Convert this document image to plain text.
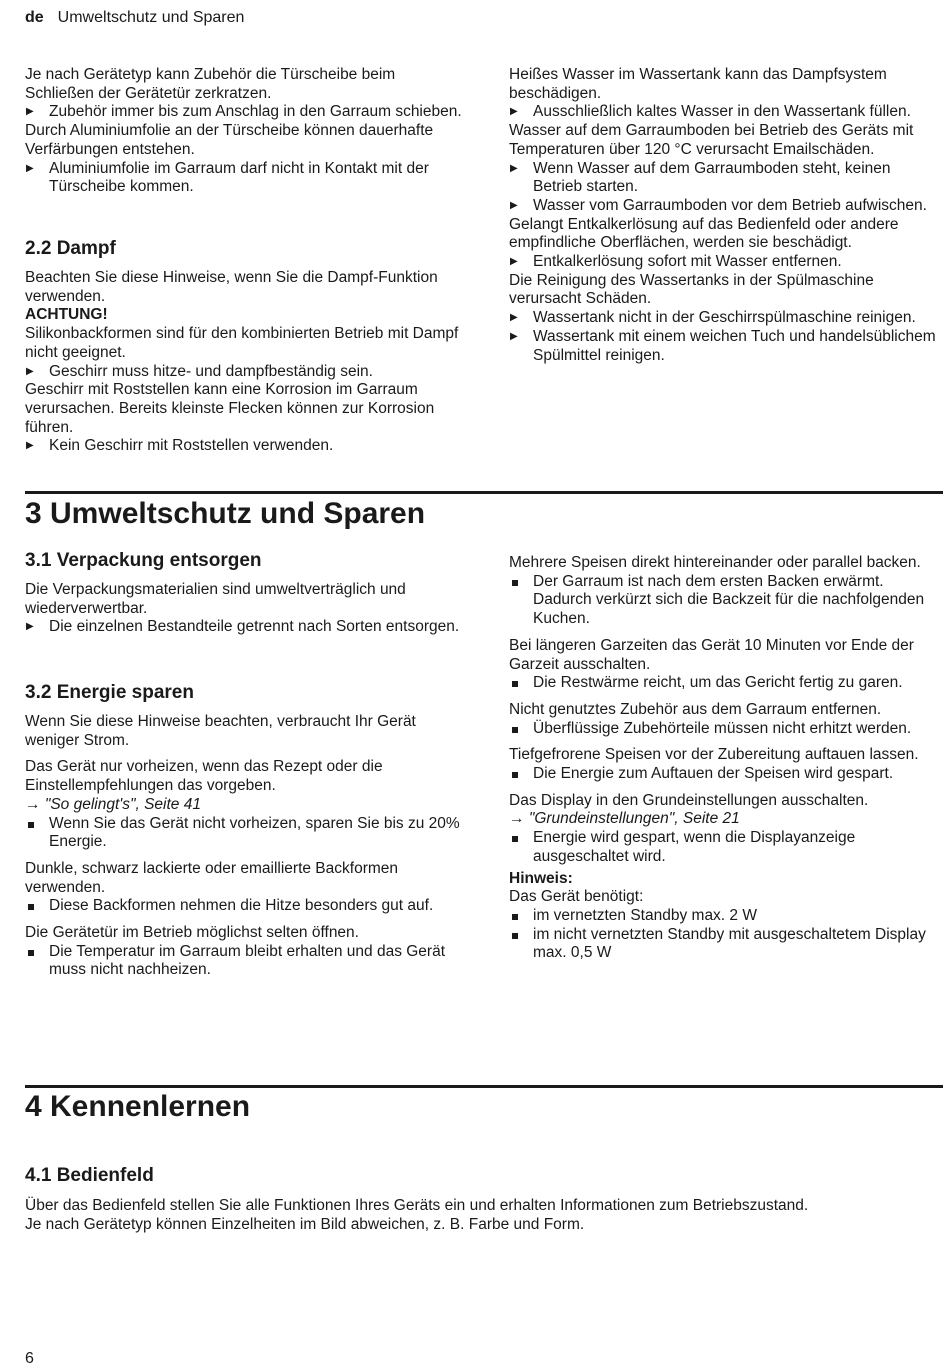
de Umweltschutz und Sparen

Je nach Gerätetyp kann Zubehör die Türscheibe beim Schließen der Gerätetür zerkratzen.

▶ Zubehör immer bis zum Anschlag in den Garraum schieben.

Durch Aluminiumfolie an der Türscheibe können dauerhafte Verfärbungen entstehen.

▶ Aluminiumfolie im Garraum darf nicht in Kontakt mit der Türscheibe kommen.

2.2 Dampf

Beachten Sie diese Hinweise, wenn Sie die Dampf-Funktion verwenden.

ACHTUNG!

Silikonbackformen sind für den kombinierten Betrieb mit Dampf nicht geeignet.

▶ Geschirr muss hitze- und dampfbeständig sein.

Geschirr mit Roststellen kann eine Korrosion im Garraum verursachen. Bereits kleinste Flecken können zur Korrosion führen.

▶ Kein Geschirr mit Roststellen verwenden.

Heißes Wasser im Wassertank kann das Dampfsystem beschädigen.

▶ Ausschließlich kaltes Wasser in den Wassertank füllen.

Wasser auf dem Garraumboden bei Betrieb des Geräts mit Temperaturen über 120 °C verursacht Emailschäden.

▶ Wenn Wasser auf dem Garraumboden steht, keinen Betrieb starten.

▶ Wasser vom Garraumboden vor dem Betrieb aufwischen.

Gelangt Entkalkerlösung auf das Bedienfeld oder andere empfindliche Oberflächen, werden sie beschädigt.

▶ Entkalkerlösung sofort mit Wasser entfernen.

Die Reinigung des Wassertanks in der Spülmaschine verursacht Schäden.

▶ Wassertank nicht in der Geschirrspülmaschine reinigen.

▶ Wassertank mit einem weichen Tuch und handelsüblichem Spülmittel reinigen.

3 Umweltschutz und Sparen
3.1 Verpackung entsorgen

Die Verpackungsmaterialien sind umweltverträglich und wiederverwertbar.

▶ Die einzelnen Bestandteile getrennt nach Sorten entsorgen.

3.2 Energie sparen

Wenn Sie diese Hinweise beachten, verbraucht Ihr Gerät weniger Strom.

Das Gerät nur vorheizen, wenn das Rezept oder die Einstellempfehlungen das vorgeben.

→ "So gelingt's", Seite 41

Wenn Sie das Gerät nicht vorheizen, sparen Sie bis zu 20% Energie.

Dunkle, schwarz lackierte oder emaillierte Backformen verwenden.

Diese Backformen nehmen die Hitze besonders gut auf.

Die Gerätetür im Betrieb möglichst selten öffnen.

Die Temperatur im Garraum bleibt erhalten und das Gerät muss nicht nachheizen.

Mehrere Speisen direkt hintereinander oder parallel backen.

Der Garraum ist nach dem ersten Backen erwärmt. Dadurch verkürzt sich die Backzeit für die nachfolgenden Kuchen.

Bei längeren Garzeiten das Gerät 10 Minuten vor Ende der Garzeit ausschalten.

Die Restwärme reicht, um das Gericht fertig zu garen.

Nicht genutztes Zubehör aus dem Garraum entfernen.

Überflüssige Zubehörteile müssen nicht erhitzt werden.

Tiefgefrorene Speisen vor der Zubereitung auftauen lassen.

Die Energie zum Auftauen der Speisen wird gespart.

Das Display in den Grundeinstellungen ausschalten.

→ "Grundeinstellungen", Seite 21

Energie wird gespart, wenn die Displayanzeige ausgeschaltet wird.

Hinweis:

Das Gerät benötigt:

im vernetzten Standby max. 2 W

im nicht vernetzten Standby mit ausgeschaltetem Display max. 0,5 W

4 Kennenlernen
4.1 Bedienfeld

Über das Bedienfeld stellen Sie alle Funktionen Ihres Geräts ein und erhalten Informationen zum Betriebszustand.

Je nach Gerätetyp können Einzelheiten im Bild abweichen, z. B. Farbe und Form.

6
